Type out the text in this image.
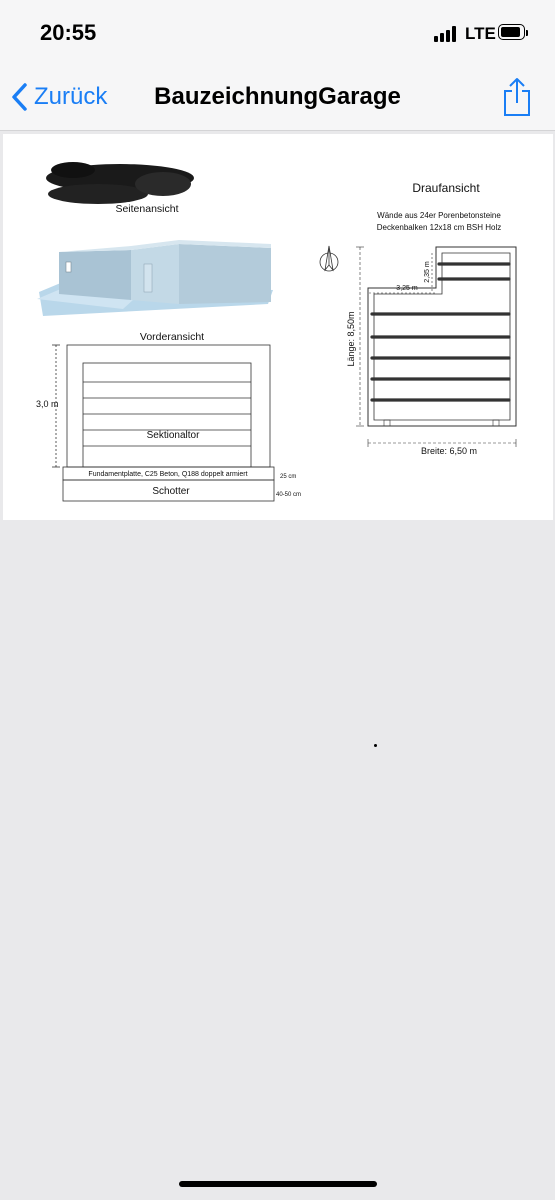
20:55	LTE
Zurück	BauzeichnungGarage
Seitenansicht
Vorderansicht
3,0 m
Sektionaltor
Fundamentplatte, C25 Beton, Q188 doppelt armiert	25 cm
Schotter	40-50 cm
Draufansicht
Wände aus 24er Porenbetonsteine
Deckenbalken 12x18 cm BSH Holz
3,25 m
2,35 m
Länge: 8,50m
Breite: 6,50 m
